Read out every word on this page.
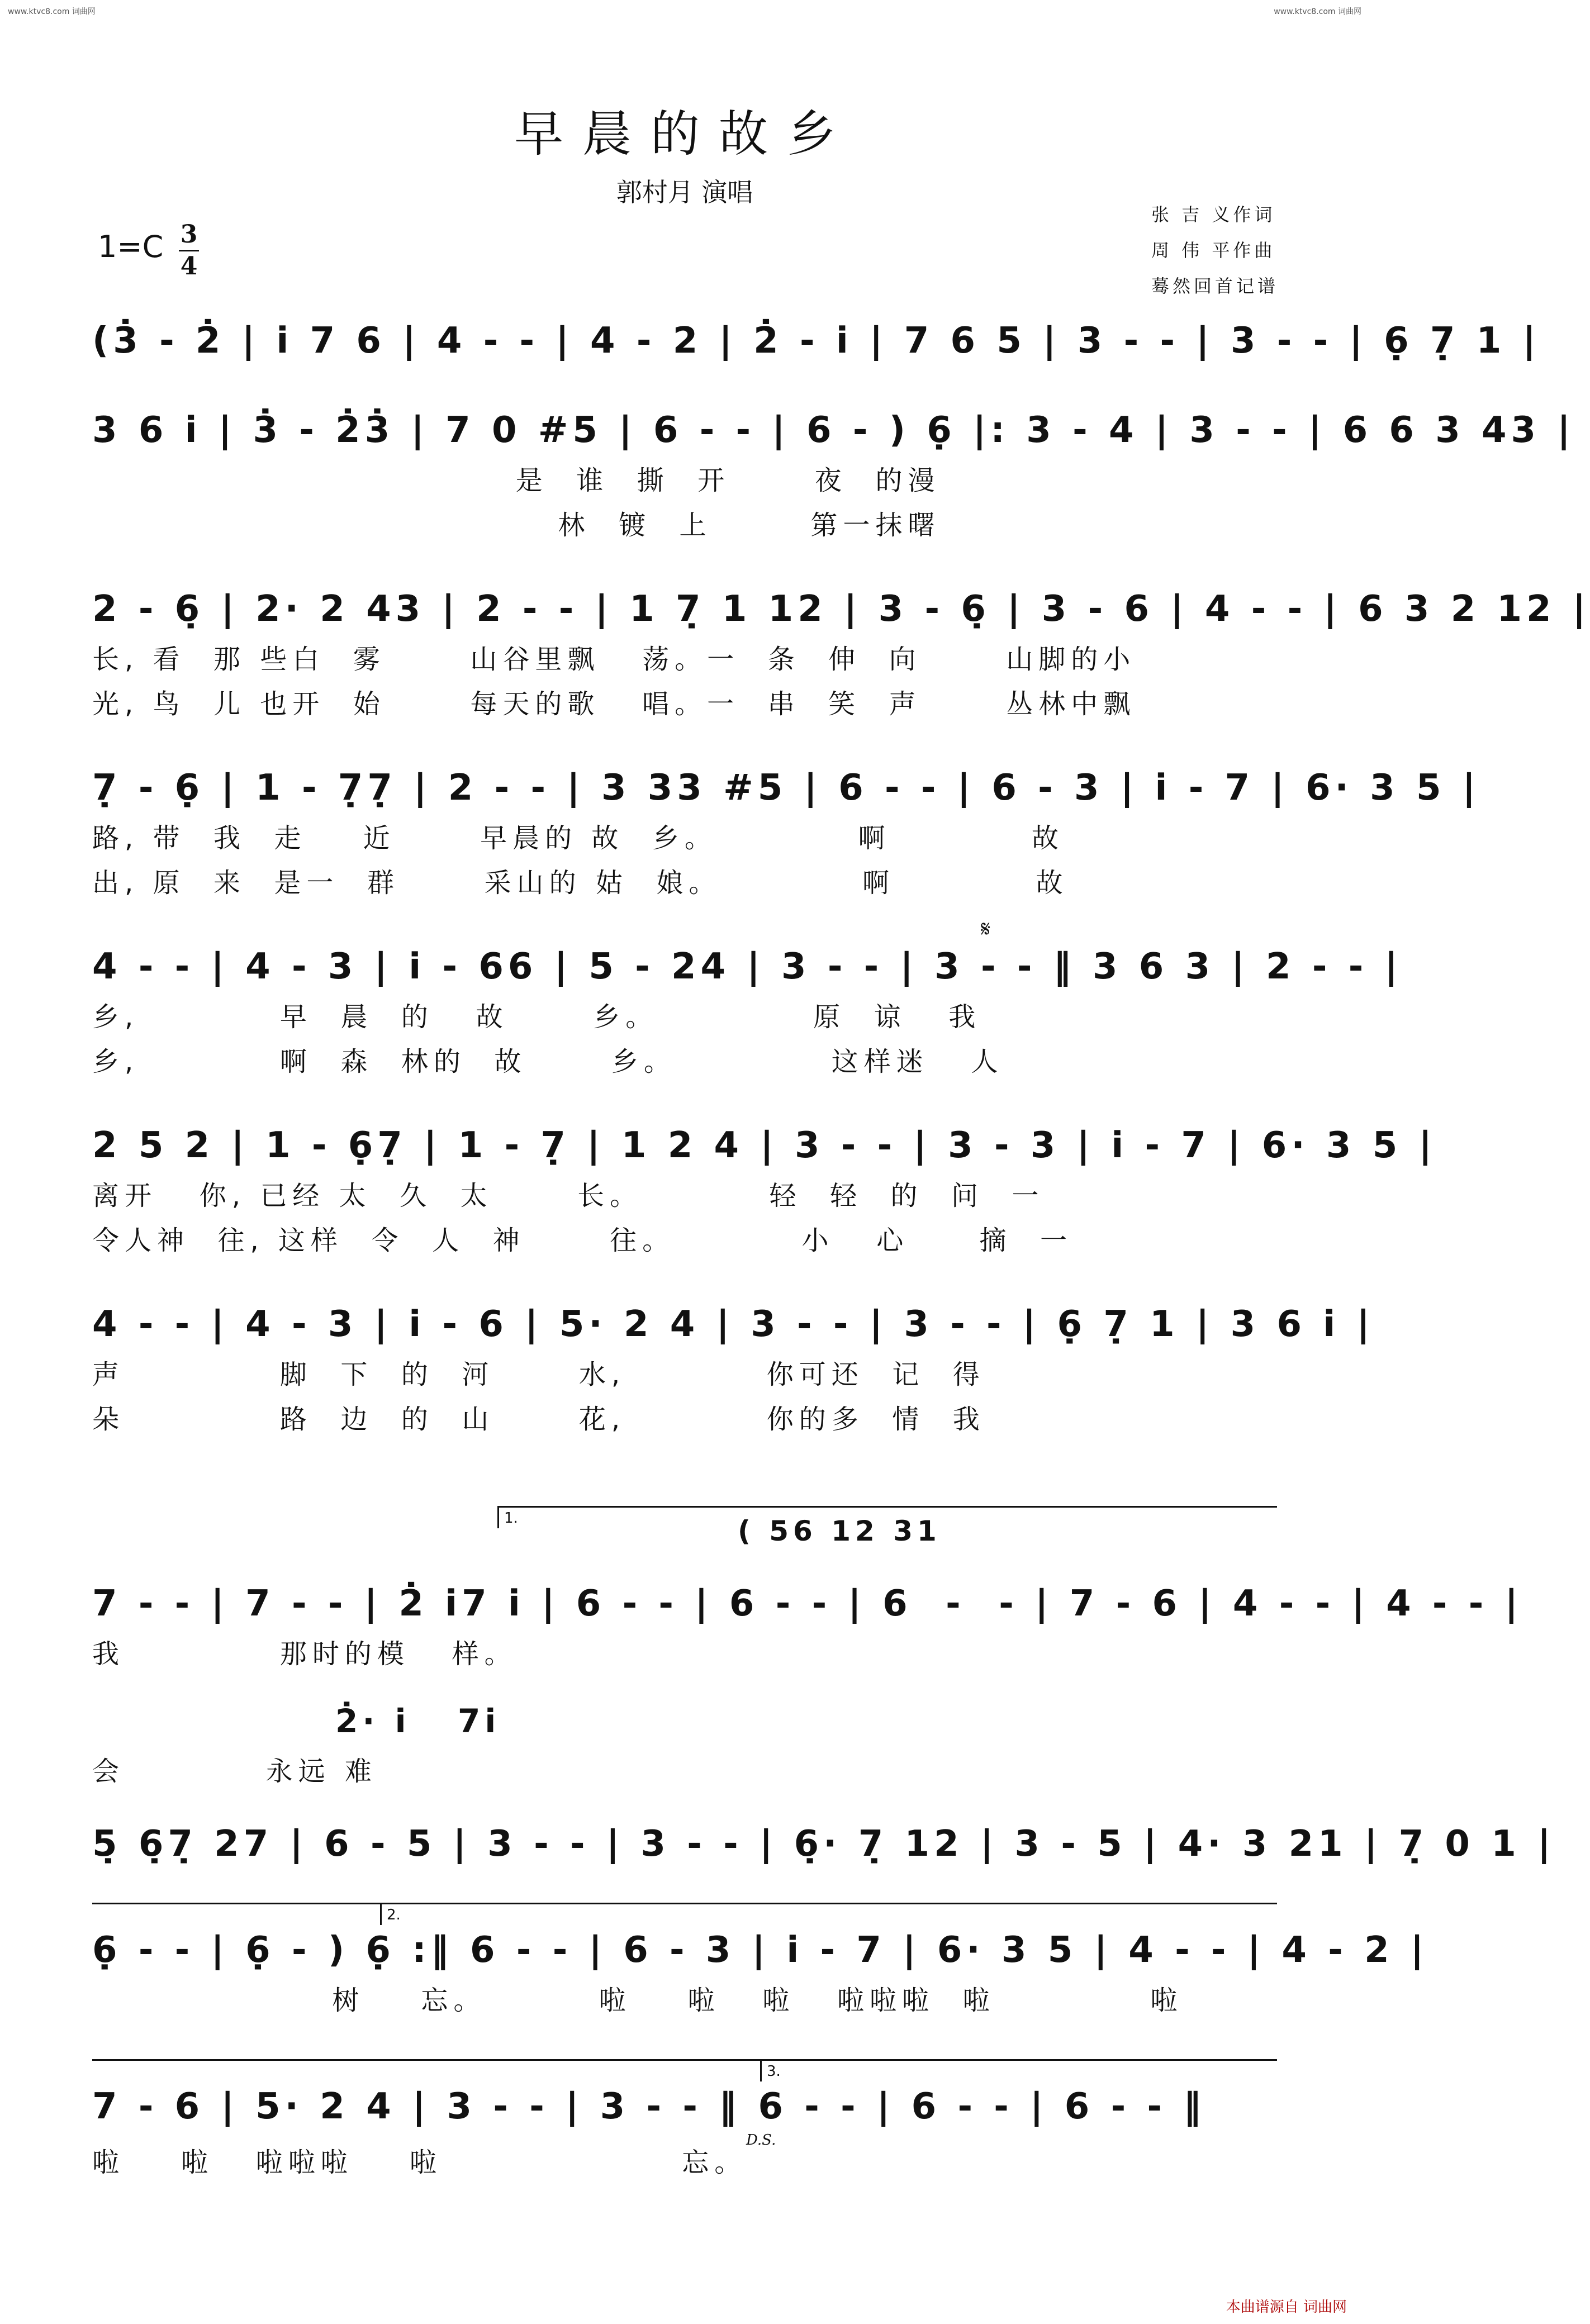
www.ktvc8.com 词曲网	www.ktvc8.com 词曲网
早晨的故乡
郭村月 演唱
张 吉 义作词
周 伟 平作曲
蓦然回首记谱
1=C 3
4
(3̇ - 2̇ | i̇ 7 6 | 4 - - | 4 - 2 | 2̇ - i̇ | 7 6 5 | 3 - - | 3 - - | 6̣ 7̣ 1 |
3 6 i̇ | 3̇ - 2̇3̇ | 7 0 #5 | 6 - - | 6 - ) 6̣ |: 3 - 4 | 3 - - | 6 6 3 43 |
是  谁  撕  开      夜  的漫
林  镀  上       第一抹曙
2 - 6̣ | 2· 2 43 | 2 - - | 1 7̣ 1 12 | 3 - 6̣ | 3 - 6 | 4 - - | 6 3 2 12 |
长, 看  那 些白  雾      山谷里飘   荡。一  条  伸  向      山脚的小
光, 鸟  儿 也开  始      每天的歌   唱。一  串  笑  声      丛林中飘
7̣ - 6̣ | 1 - 7̣7̣ | 2 - - | 3 33 #5 | 6 - - | 6 - 3 | i̇ - 7 | 6· 3 5 |
路, 带  我  走    近      早晨的 故  乡。          啊          故
出, 原  来  是一  群      采山的 姑  娘。          啊          故
4 - - | 4 - 3 | i̇ - 66 | 5 - 24 | 3 - - | 3 - - ‖ 3 6 3 | 2 - - |
乡,          早  晨  的   故      乡。           原  谅   我
乡,          啊  森  林的  故      乡。           这样迷   人
𝄋
2 5 2 | 1 - 6̣7̣ | 1 - 7̣ | 1 2 4 | 3 - - | 3 - 3 | i̇ - 7 | 6· 3 5 |
离开   你, 已经 太  久  太      长。         轻  轻  的  问  一
令人神  往, 这样  令  人  神      往。         小   心     摘  一
4 - - | 4 - 3 | i̇ - 6 | 5· 2 4 | 3 - - | 3 - - | 6̣ 7̣ 1 | 3 6 i̇ |
声           脚  下  的  河      水,          你可还  记  得
朵           路  边  的  山      花,          你的多  情  我
1.	( 56 12 31
7 - - | 7 - - | 2̇ i̇7 i̇ | 6 - - | 6 - - | 6  -  - | 7 - 6 | 4 - - | 4 - - |
我           那时的模   样。
2̇· i̇   7i̇
会          永远 难
5̣ 6̣7̣ 27 | 6 - 5 | 3 - - | 3 - - | 6̣· 7̣ 12 | 3 - 5 | 4· 3 21 | 7̣ 0 1 |
2.
6̣ - - | 6̣ - ) 6̣ :‖ 6 - - | 6 - 3 | i̇ - 7 | 6· 3 5 | 4 - - | 4 - 2 |
树    忘。        啦    啦   啦   啦啦啦  啦           啦
3.
7 - 6 | 5· 2 4 | 3 - - | 3 - - ‖ 6 - - | 6 - - | 6 - - ‖
啦    啦   啦啦啦    啦                 忘。
D.S.
本曲谱源自 词曲网
